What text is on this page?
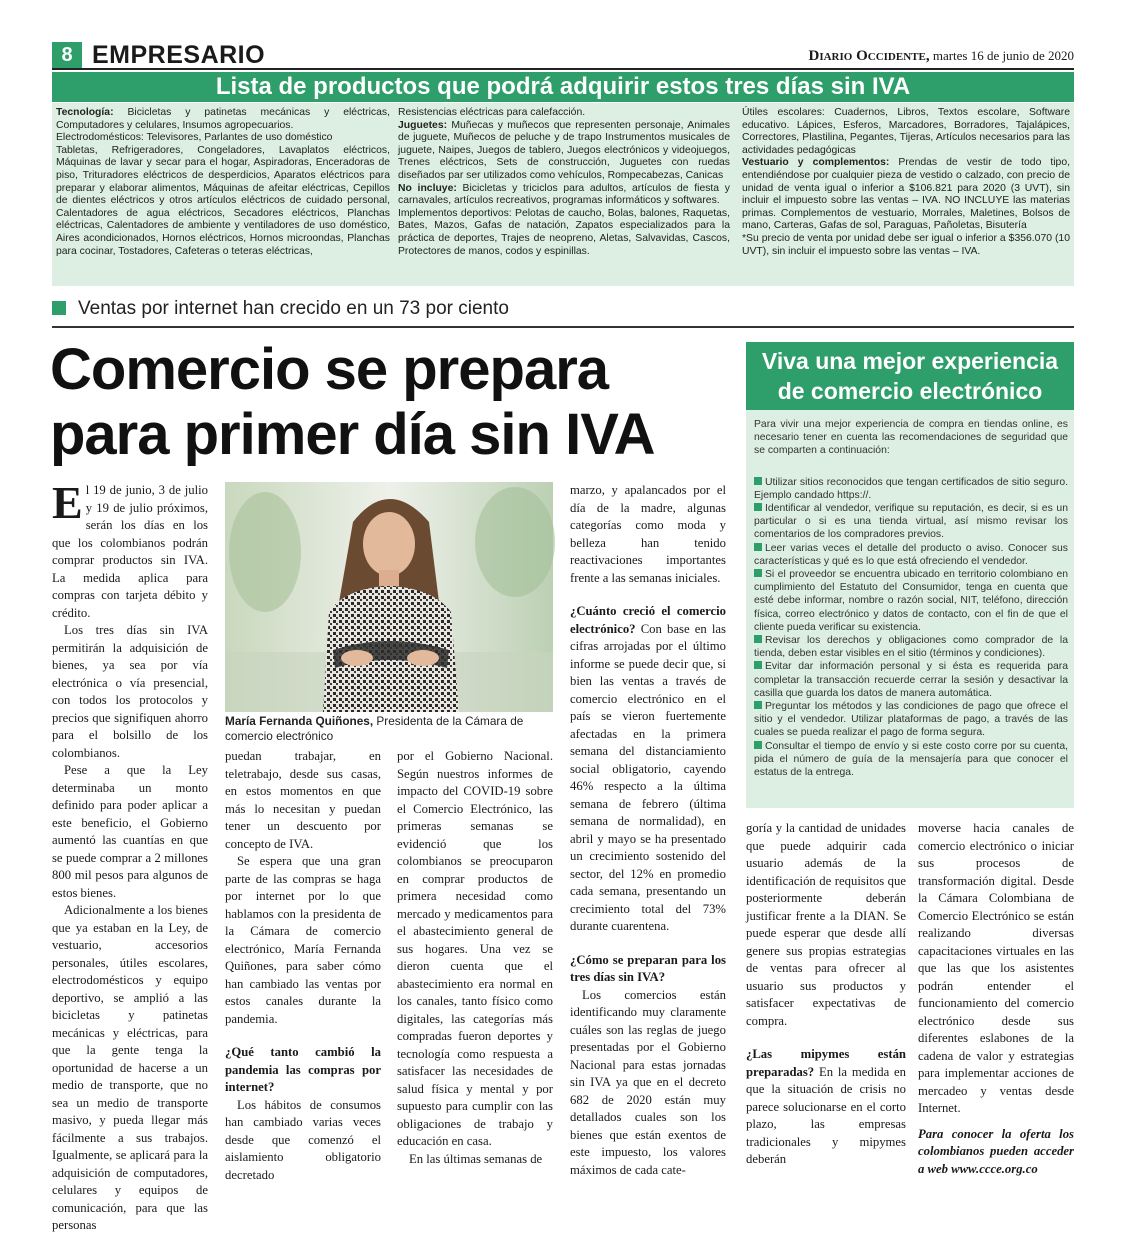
8 EMPRESARIO	Diario Occidente, martes 16 de junio de 2020
Lista de productos que podrá adquirir estos tres días sin IVA

Tecnología: Bicicletas y patinetas mecánicas y eléctricas, Computadores y celulares, Insumos agropecuarios.

Electrodomésticos: Televisores, Parlantes de uso doméstico

Tabletas, Refrigeradores, Congeladores, Lavaplatos eléctricos, Máquinas de lavar y secar para el hogar, Aspiradoras, Enceradoras de piso, Trituradores eléctricos de desperdicios, Aparatos eléctricos para preparar y elaborar alimentos, Máquinas de afeitar eléctricas, Cepillos de dientes eléctricos y otros artículos eléctricos de cuidado personal, Calentadores de agua eléctricos, Secadores eléctricos, Planchas eléctricas, Calentadores de ambiente y ventiladores de uso doméstico, Aires acondicionados, Hornos eléctricos, Hornos microondas, Planchas para cocinar, Tostadores, Cafeteras o teteras eléctricas,

Resistencias eléctricas para calefacción.

Juguetes: Muñecas y muñecos que representen personaje, Animales de juguete, Muñecos de peluche y de trapo Instrumentos musicales de juguete, Naipes, Juegos de tablero, Juegos electrónicos y videojuegos, Trenes eléctricos, Sets de construcción, Juguetes con ruedas diseñados par ser utilizados como vehículos, Rompecabezas, Canicas

No incluye: Bicicletas y triciclos para adultos, artículos de fiesta y carnavales, artículos recreativos, programas informáticos y softwares.

Implementos deportivos: Pelotas de caucho, Bolas, balones, Raquetas, Bates, Mazos, Gafas de natación, Zapatos especializados para la práctica de deportes, Trajes de neopreno, Aletas, Salvavidas, Cascos, Protectores de manos, codos y espinillas.

Útiles escolares: Cuadernos, Libros, Textos escolare, Software educativo. Lápices, Esferos, Marcadores, Borradores, Tajalápices, Correctores, Plastilina, Pegantes, Tijeras, Artículos necesarios para las actividades pedagógicas

Vestuario y complementos: Prendas de vestir de todo tipo, entendiéndose por cualquier pieza de vestido o calzado, con precio de unidad de venta igual o inferior a $106.821 para 2020 (3 UVT), sin incluir el impuesto sobre las ventas – IVA. NO INCLUYE las materias primas. Complementos de vestuario, Morrales, Maletines, Bolsos de mano, Carteras, Gafas de sol, Paraguas, Pañoletas, Bisutería

*Su precio de venta por unidad debe ser igual o inferior a $356.070 (10 UVT), sin incluir el impuesto sobre las ventas – IVA.

Ventas por internet han crecido en un 73 por ciento
Comercio se prepara para primer día sin IVA
Viva una mejor experiencia de comercio electrónico
Para vivir una mejor experiencia de compra en tiendas online, es necesario tener en cuenta las recomendaciones de seguridad que se comparten a continuación:

Utilizar sitios reconocidos que tengan certificados de sitio seguro. Ejemplo candado https://.

Identificar al vendedor, verifique su reputación, es decir, si es un particular o si es una tienda virtual, así mismo revisar los comentarios de los compradores previos.

Leer varias veces el detalle del producto o aviso. Conocer sus características y qué es lo que está ofreciendo el vendedor.

Si el proveedor se encuentra ubicado en territorio colombiano en cumplimiento del Estatuto del Consumidor, tenga en cuenta que esté debe informar, nombre o razón social, NIT, teléfono, dirección física, correo electrónico y datos de contacto, con el fin de que el cliente pueda verificar su existencia.

Revisar los derechos y obligaciones como comprador de la tienda, deben estar visibles en el sitio (términos y condiciones).

Evitar dar información personal y si ésta es requerida para completar la transacción recuerde cerrar la sesión y desactivar la casilla que guarda los datos de manera automática.

Preguntar los métodos y las condiciones de pago que ofrece el sitio y el vendedor. Utilizar plataformas de pago, a través de las cuales se pueda realizar el pago de forma segura.

Consultar el tiempo de envío y si este costo corre por su cuenta, pida el número de guía de la mensajería para que conocer el estatus de la entrega.

María Fernanda Quiñones, Presidenta de la Cámara de comercio electrónico

El 19 de junio, 3 de julio y 19 de julio próximos, serán los días en los que los colombianos podrán comprar productos sin IVA. La medida aplica para compras con tarjeta débito y crédito.

Los tres días sin IVA permitirán la adquisición de bienes, ya sea por vía electrónica o vía presencial, con todos los protocolos y precios que signifiquen ahorro para el bolsillo de los colombianos.

Pese a que la Ley determinaba un monto definido para poder aplicar a este beneficio, el Gobierno aumentó las cuantías en que se puede comprar a 2 millones 800 mil pesos para algunos de estos bienes.

Adicionalmente a los bienes que ya estaban en la Ley, de vestuario, accesorios personales, útiles escolares, electrodomésticos y equipo deportivo, se amplió a las bicicletas y patinetas mecánicas y eléctricas, para que la gente tenga la oportunidad de hacerse a un medio de transporte, que no sea un medio de transporte masivo, y pueda llegar más fácilmente a sus trabajos. Igualmente, se aplicará para la adquisición de computadores, celulares y equipos de comunicación, para que las personas

puedan trabajar, en teletrabajo, desde sus casas, en estos momentos en que más lo necesitan y puedan tener un descuento por concepto de IVA.

Se espera que una gran parte de las compras se haga por internet por lo que hablamos con la presidenta de la Cámara de comercio electrónico, María Fernanda Quiñones, para saber cómo han cambiado las ventas por estos canales durante la pandemia.

¿Qué tanto cambió la pandemia las compras por internet?

Los hábitos de consumos han cambiado varias veces desde que comenzó el aislamiento obligatorio decretado

por el Gobierno Nacional. Según nuestros informes de impacto del COVID-19 sobre el Comercio Electrónico, las primeras semanas se evidenció que los colombianos se preocuparon en comprar productos de primera necesidad como mercado y medicamentos para el abastecimiento general de sus hogares. Una vez se dieron cuenta que el abastecimiento era normal en los canales, tanto físico como digitales, las categorías más compradas fueron deportes y tecnología como respuesta a satisfacer las necesidades de salud física y mental y por supuesto para cumplir con las obligaciones de trabajo y educación en casa.

En las últimas semanas de

marzo, y apalancados por el día de la madre, algunas categorías como moda y belleza han tenido reactivaciones importantes frente a las semanas iniciales.

¿Cuánto creció el comercio electrónico? Con base en las cifras arrojadas por el último informe se puede decir que, si bien las ventas a través de comercio electrónico en el país se vieron fuertemente afectadas en la primera semana del distanciamiento social obligatorio, cayendo 46% respecto a la última semana de febrero (última semana de normalidad), en abril y mayo se ha presentado un crecimiento sostenido del sector, del 12% en promedio cada semana, presentando un crecimiento total del 73% durante cuarentena.

¿Cómo se preparan para los tres días sin IVA?

Los comercios están identificando muy claramente cuáles son las reglas de juego presentadas por el Gobierno Nacional para estas jornadas sin IVA ya que en el decreto 682 de 2020 están muy detallados cuales son los bienes que están exentos de este impuesto, los valores máximos de cada cate-

goría y la cantidad de unidades que puede adquirir cada usuario además de la identificación de requisitos que posteriormente deberán justificar frente a la DIAN. Se puede esperar que desde allí genere sus propias estrategias de ventas para ofrecer al usuario sus productos y satisfacer expectativas de compra.

¿Las mipymes están preparadas? En la medida en que la situación de crisis no parece solucionarse en el corto plazo, las empresas tradicionales y mipymes deberán

moverse hacia canales de comercio electrónico o iniciar sus procesos de transformación digital. Desde la Cámara Colombiana de Comercio Electrónico se están realizando diversas capacitaciones virtuales en las que las que los asistentes podrán entender el funcionamiento del comercio electrónico desde sus diferentes eslabones de la cadena de valor y estrategias para implementar acciones de mercadeo y ventas desde Internet.

Para conocer la oferta los colombianos pueden acceder a web www.ccce.org.co
